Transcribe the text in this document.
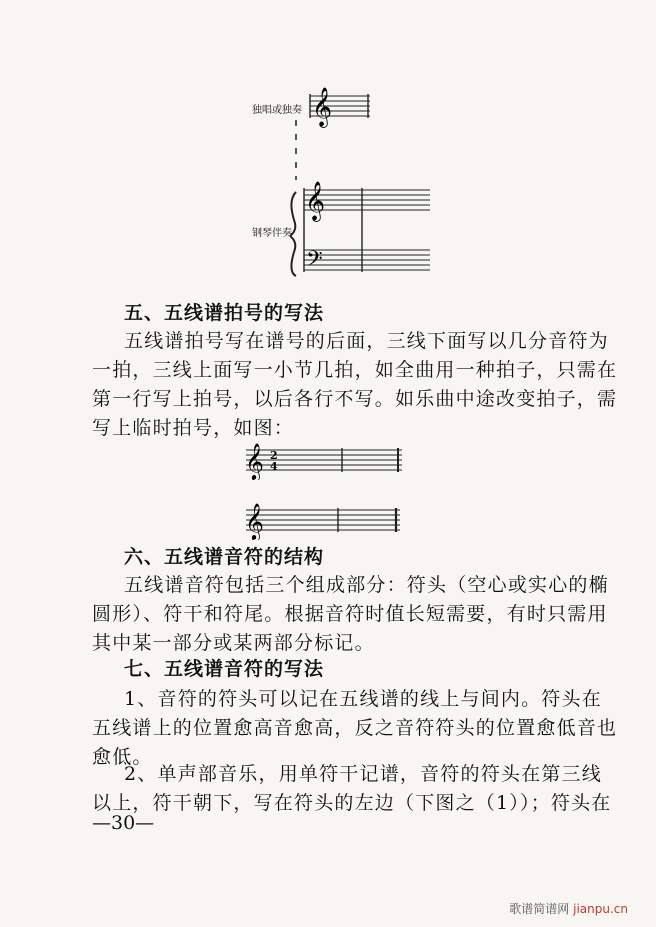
独唱或独奏
钢琴伴奏
𝄞
𝄞
𝄢
五、五线谱拍号的写法
五线谱拍号写在谱号的后面，三线下面写以几分音符为
一拍，三线上面写一小节几拍，如全曲用一种拍子，只需在
第一行写上拍号，以后各行不写。如乐曲中途改变拍子，需
写上临时拍号，如图：
𝄞 2
4
𝄞
六、五线谱音符的结构
五线谱音符包括三个组成部分：符头（空心或实心的椭
圆形）、符干和符尾。根据音符时值长短需要，有时只需用
其中某一部分或某两部分标记。
七、五线谱音符的写法
1、音符的符头可以记在五线谱的线上与间内。符头在
五线谱上的位置愈高音愈高，反之音符符头的位置愈低音也
愈低。
2、单声部音乐，用单符干记谱，音符的符头在第三线
以上，符干朝下，写在符头的左边（下图之（1））；符头在
—30—
歌谱简谱网 jianpu.cn
